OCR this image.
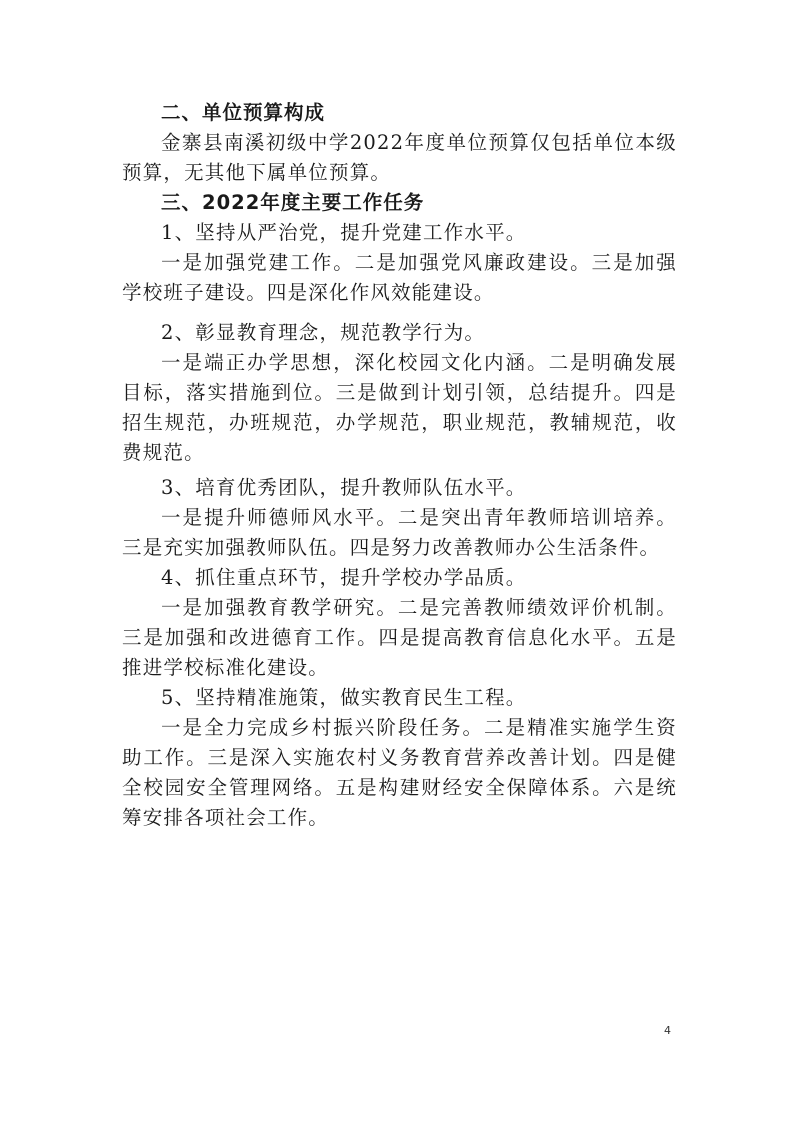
二、单位预算构成

金寨县南溪初级中学2022年度单位预算仅包括单位本级预算，无其他下属单位预算。

三、2022年度主要工作任务

1、坚持从严治党，提升党建工作水平。

一是加强党建工作。二是加强党风廉政建设。三是加强学校班子建设。四是深化作风效能建设。

2、彰显教育理念，规范教学行为。

一是端正办学思想，深化校园文化内涵。二是明确发展目标，落实措施到位。三是做到计划引领，总结提升。四是招生规范，办班规范，办学规范，职业规范，教辅规范，收费规范。

3、培育优秀团队，提升教师队伍水平。

一是提升师德师风水平。二是突出青年教师培训培养。三是充实加强教师队伍。四是努力改善教师办公生活条件。

4、抓住重点环节，提升学校办学品质。

一是加强教育教学研究。二是完善教师绩效评价机制。三是加强和改进德育工作。四是提高教育信息化水平。五是推进学校标准化建设。

5、坚持精准施策，做实教育民生工程。

一是全力完成乡村振兴阶段任务。二是精准实施学生资助工作。三是深入实施农村义务教育营养改善计划。四是健全校园安全管理网络。五是构建财经安全保障体系。六是统筹安排各项社会工作。

4
